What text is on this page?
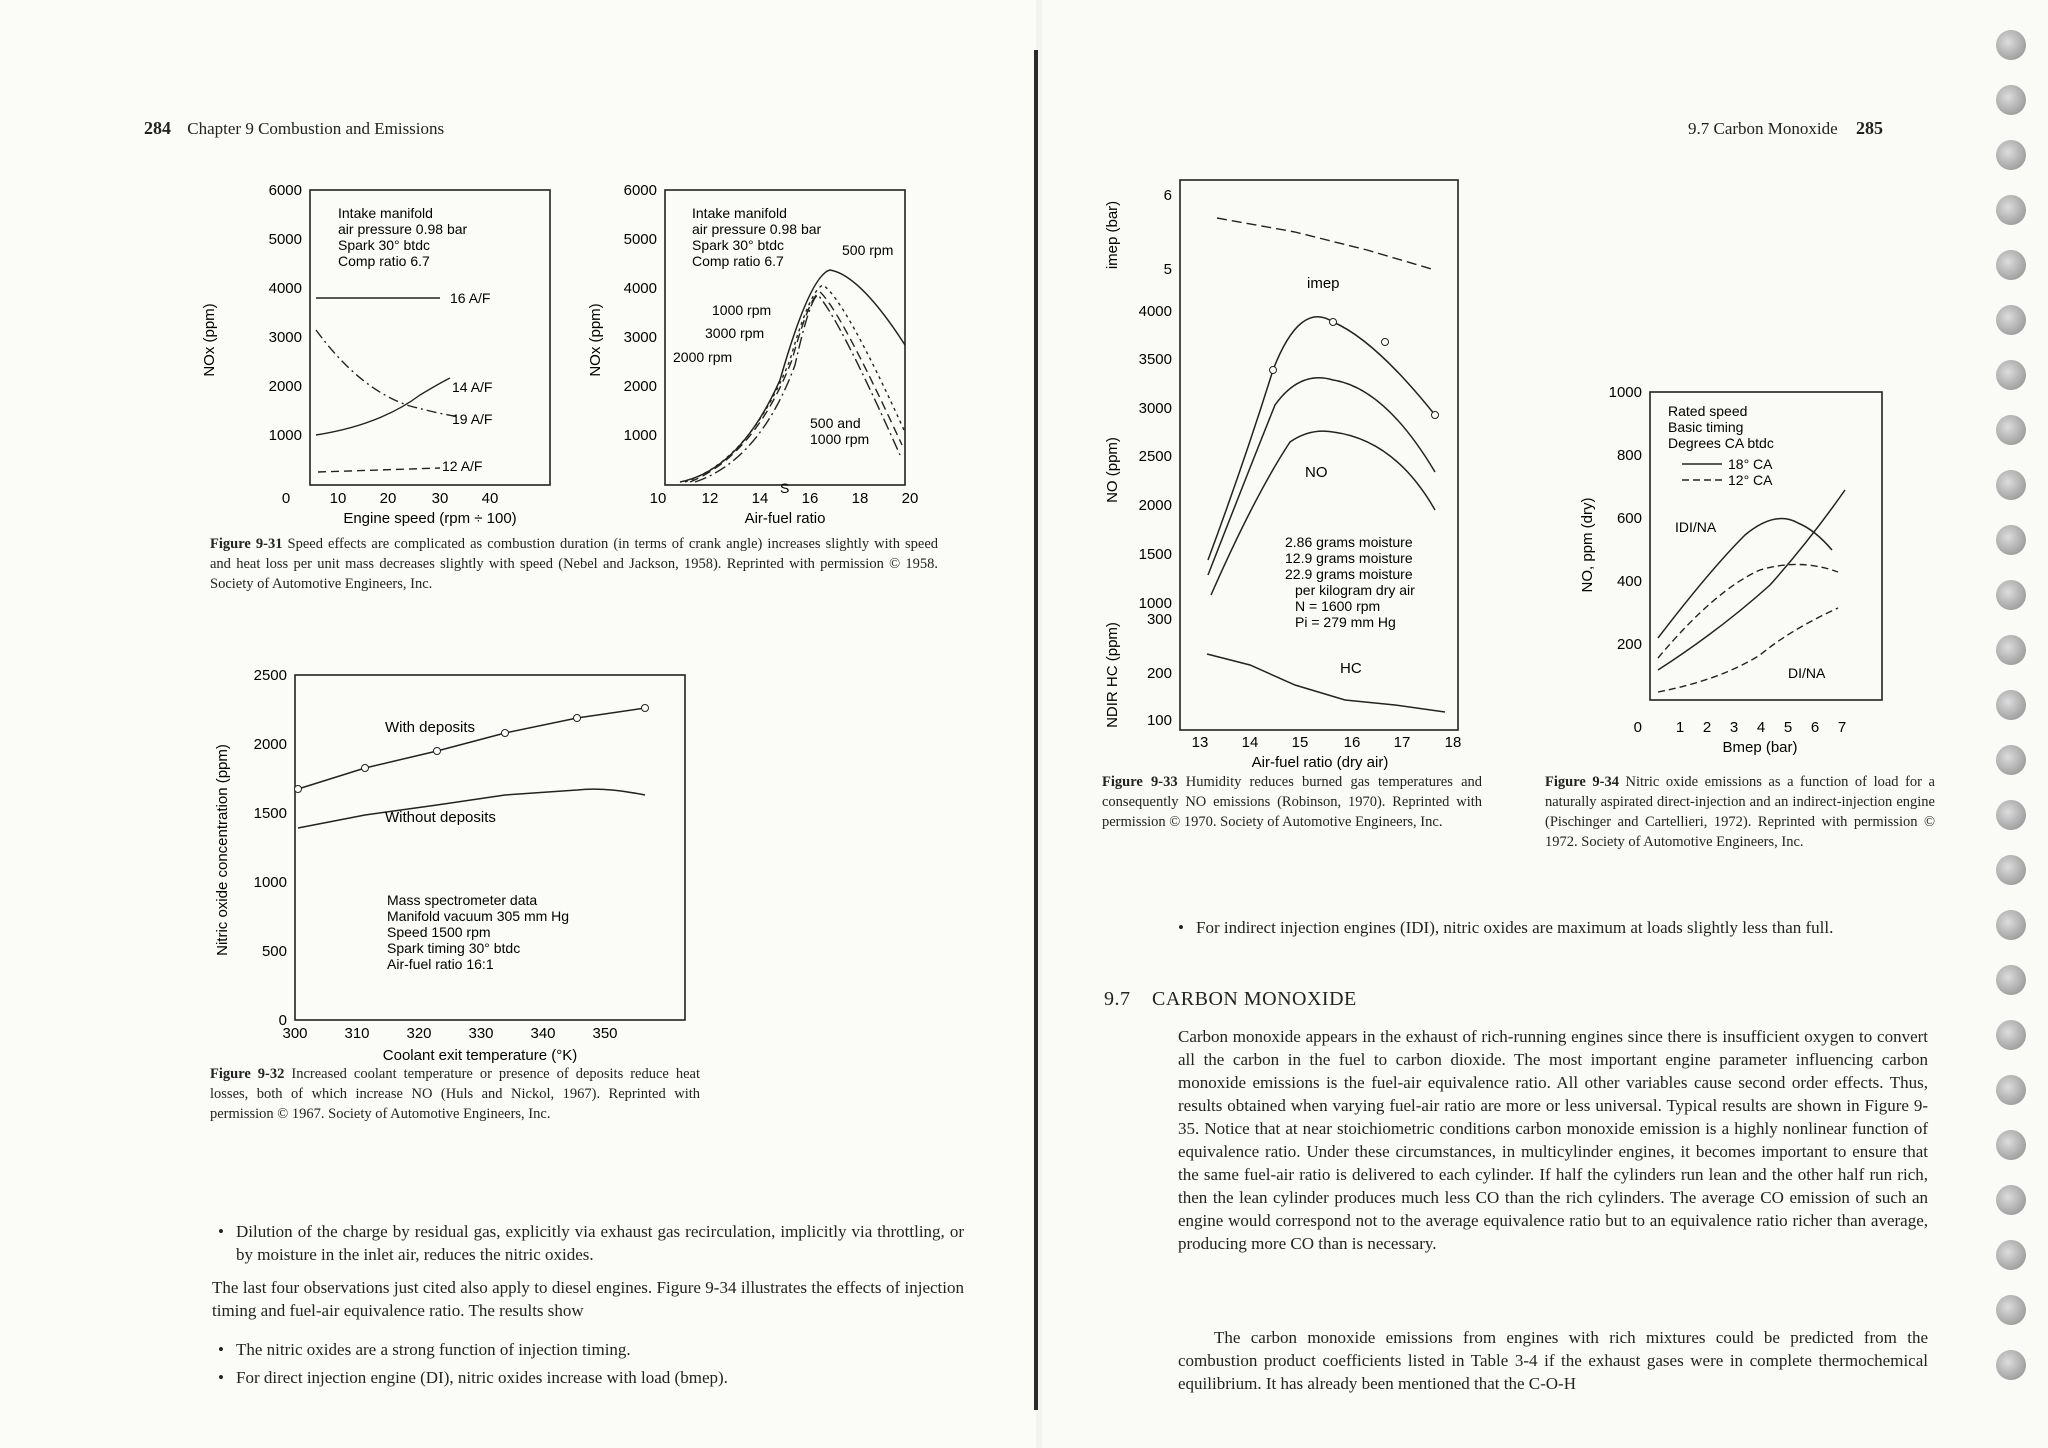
284 Chapter 9 Combustion and Emissions	9.7 Carbon Monoxide 285
6000
5000
4000
3000
2000
1000
0	10 20 30 40
Engine speed (rpm ÷ 100)
NOx (ppm)
Intake manifold
air pressure 0.98 bar
Spark 30° btdc
Comp ratio 6.7
16 A/F
14 A/F
19 A/F
12 A/F
6000
5000
4000
3000
2000
1000
10 12 14 16 18 20
Air-fuel ratio
NOx (ppm)
Intake manifold
air pressure 0.98 bar
Spark 30° btdc
Comp ratio 6.7
500 rpm
1000 rpm
3000 rpm
2000 rpm
500 and
1000 rpm
S
Figure 9-31 Speed effects are complicated as combustion duration (in terms of crank angle) increases slightly with speed and heat loss per unit mass decreases slightly with speed (Nebel and Jackson, 1958). Reprinted with permission © 1958. Society of Automotive Engineers, Inc.
2500
2000
1500
1000
500
0
300 310 320 330 340 350
Nitric oxide concentration (ppm)
With deposits
Without deposits
Mass spectrometer data
Manifold vacuum 305 mm Hg
Speed 1500 rpm
Spark timing 30° btdc
Air-fuel ratio 16:1
Coolant exit temperature (°K)
Figure 9-32 Increased coolant temperature or presence of deposits reduce heat losses, both of which increase NO (Huls and Nickol, 1967). Reprinted with permission © 1967. Society of Automotive Engineers, Inc.
• Dilution of the charge by residual gas, explicitly via exhaust gas recirculation, implicitly via throttling, or by moisture in the inlet air, reduces the nitric oxides.
The last four observations just cited also apply to diesel engines. Figure 9-34 illustrates the effects of injection timing and fuel-air equivalence ratio. The results show
• The nitric oxides are a strong function of injection timing.
• For direct injection engine (DI), nitric oxides increase with load (bmep).
6
5
4000
3500
3000
2500
2000
1500
1000
300
200
100
13 14 15 16 17 18
Air-fuel ratio (dry air)
imep (bar)
NO (ppm)
NDIR HC (ppm)
imep
NO
2.86 grams moisture
12.9 grams moisture
22.9 grams moisture
per kilogram dry air
N = 1600 rpm
Pi = 279 mm Hg
HC
Figure 9-33 Humidity reduces burned gas temperatures and consequently NO emissions (Robinson, 1970). Reprinted with permission © 1970. Society of Automotive Engineers, Inc.
1000
800
600
400
200
0 1 2 3 4 5 6 7
Bmep (bar)
NO, ppm (dry)
Rated speed
Basic timing
Degrees CA btdc
18° CA
12° CA
IDI/NA
DI/NA
Figure 9-34 Nitric oxide emissions as a function of load for a naturally aspirated direct-injection and an indirect-injection engine (Pischinger and Cartellieri, 1972). Reprinted with permission © 1972. Society of Automotive Engineers, Inc.
• For indirect injection engines (IDI), nitric oxides are maximum at loads slightly less than full.
9.7 CARBON MONOXIDE
Carbon monoxide appears in the exhaust of rich-running engines since there is insufficient oxygen to convert all the carbon in the fuel to carbon dioxide. The most important engine parameter influencing carbon monoxide emissions is the fuel-air equivalence ratio. All other variables cause second order effects. Thus, results obtained when varying fuel-air ratio are more or less universal. Typical results are shown in Figure 9-35. Notice that at near stoichiometric conditions carbon monoxide emission is a highly nonlinear function of equivalence ratio. Under these circumstances, in multicylinder engines, it becomes important to ensure that the same fuel-air ratio is delivered to each cylinder. If half the cylinders run lean and the other half run rich, then the lean cylinder produces much less CO than the rich cylinders. The average CO emission of such an engine would correspond not to the average equivalence ratio but to an equivalence ratio richer than average, producing more CO than is necessary.
The carbon monoxide emissions from engines with rich mixtures could be predicted from the combustion product coefficients listed in Table 3-4 if the exhaust gases were in complete thermochemical equilibrium. It has already been mentioned that the C-O-H
